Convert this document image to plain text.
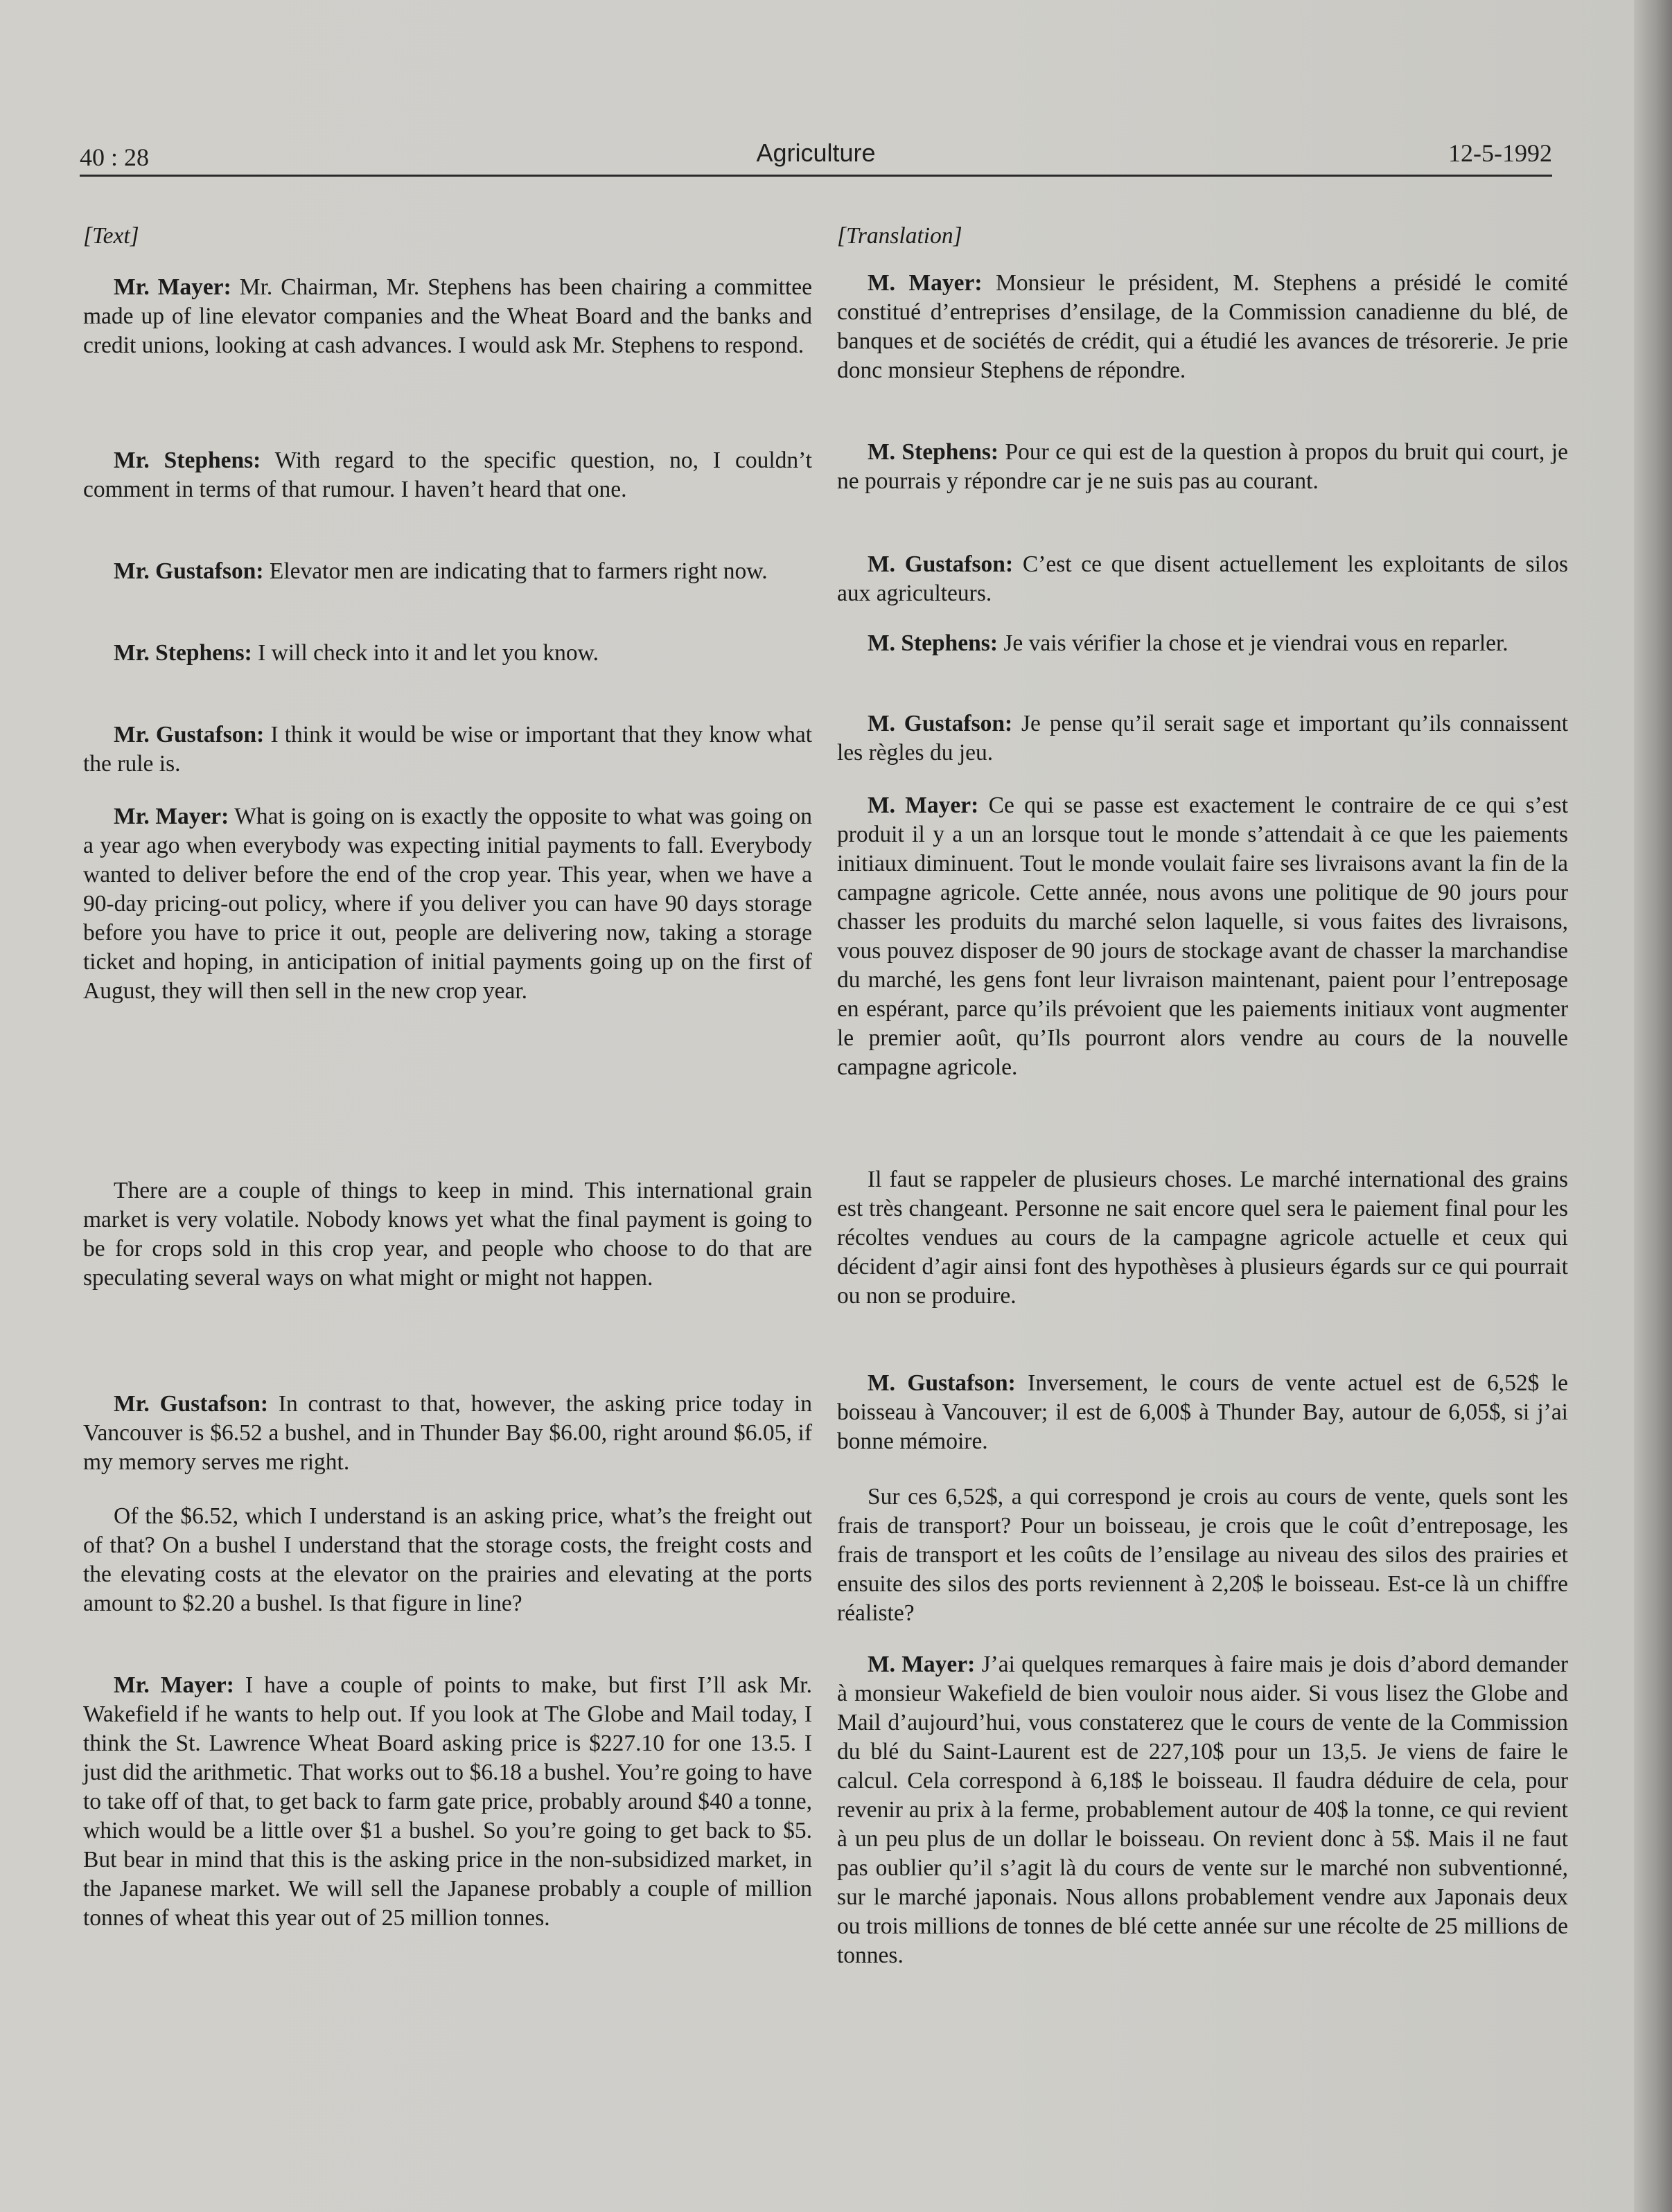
40 : 28	Agriculture	12-5-1992
[Text]

Mr. Mayer: Mr. Chairman, Mr. Stephens has been chairing a committee made up of line elevator companies and the Wheat Board and the banks and credit unions, looking at cash advances. I would ask Mr. Stephens to respond.

Mr. Stephens: With regard to the specific question, no, I couldn’t comment in terms of that rumour. I haven’t heard that one.

Mr. Gustafson: Elevator men are indicating that to farmers right now.

Mr. Stephens: I will check into it and let you know.

Mr. Gustafson: I think it would be wise or important that they know what the rule is.

Mr. Mayer: What is going on is exactly the opposite to what was going on a year ago when everybody was expecting initial payments to fall. Everybody wanted to deliver before the end of the crop year. This year, when we have a 90-day pricing-out policy, where if you deliver you can have 90 days storage before you have to price it out, people are delivering now, taking a storage ticket and hoping, in anticipation of initial payments going up on the first of August, they will then sell in the new crop year.

There are a couple of things to keep in mind. This international grain market is very volatile. Nobody knows yet what the final payment is going to be for crops sold in this crop year, and people who choose to do that are speculating several ways on what might or might not happen.

Mr. Gustafson: In contrast to that, however, the asking price today in Vancouver is $6.52 a bushel, and in Thunder Bay $6.00, right around $6.05, if my memory serves me right.

Of the $6.52, which I understand is an asking price, what’s the freight out of that? On a bushel I understand that the storage costs, the freight costs and the elevating costs at the elevator on the prairies and elevating at the ports amount to $2.20 a bushel. Is that figure in line?

Mr. Mayer: I have a couple of points to make, but first I’ll ask Mr. Wakefield if he wants to help out. If you look at The Globe and Mail today, I think the St. Lawrence Wheat Board asking price is $227.10 for one 13.5. I just did the arithmetic. That works out to $6.18 a bushel. You’re going to have to take off of that, to get back to farm gate price, probably around $40 a tonne, which would be a little over $1 a bushel. So you’re going to get back to $5. But bear in mind that this is the asking price in the non-subsidized market, in the Japanese market. We will sell the Japanese probably a couple of million tonnes of wheat this year out of 25 million tonnes.

[Translation]

M. Mayer: Monsieur le président, M. Stephens a présidé le comité constitué d’entreprises d’ensilage, de la Commission canadienne du blé, de banques et de sociétés de crédit, qui a étudié les avances de trésorerie. Je prie donc monsieur Stephens de répondre.

M. Stephens: Pour ce qui est de la question à propos du bruit qui court, je ne pourrais y répondre car je ne suis pas au courant.

M. Gustafson: C’est ce que disent actuellement les exploitants de silos aux agriculteurs.

M. Stephens: Je vais vérifier la chose et je viendrai vous en reparler.

M. Gustafson: Je pense qu’il serait sage et important qu’ils connaissent les règles du jeu.

M. Mayer: Ce qui se passe est exactement le contraire de ce qui s’est produit il y a un an lorsque tout le monde s’attendait à ce que les paiements initiaux diminuent. Tout le monde voulait faire ses livraisons avant la fin de la campagne agricole. Cette année, nous avons une politique de 90 jours pour chasser les produits du marché selon laquelle, si vous faites des livraisons, vous pouvez disposer de 90 jours de stockage avant de chasser la marchandise du marché, les gens font leur livraison maintenant, paient pour l’entreposage en espérant, parce qu’ils prévoient que les paiements initiaux vont augmenter le premier août, qu’Ils pourront alors vendre au cours de la nouvelle campagne agricole.

Il faut se rappeler de plusieurs choses. Le marché international des grains est très changeant. Personne ne sait encore quel sera le paiement final pour les récoltes vendues au cours de la campagne agricole actuelle et ceux qui décident d’agir ainsi font des hypothèses à plusieurs égards sur ce qui pourrait ou non se produire.

M. Gustafson: Inversement, le cours de vente actuel est de 6,52$ le boisseau à Vancouver; il est de 6,00$ à Thunder Bay, autour de 6,05$, si j’ai bonne mémoire.

Sur ces 6,52$, a qui correspond je crois au cours de vente, quels sont les frais de transport? Pour un boisseau, je crois que le coût d’entreposage, les frais de transport et les coûts de l’ensilage au niveau des silos des prairies et ensuite des silos des ports reviennent à 2,20$ le boisseau. Est-ce là un chiffre réaliste?

M. Mayer: J’ai quelques remarques à faire mais je dois d’abord demander à monsieur Wakefield de bien vouloir nous aider. Si vous lisez the Globe and Mail d’aujourd’hui, vous constaterez que le cours de vente de la Commission du blé du Saint-Laurent est de 227,10$ pour un 13,5. Je viens de faire le calcul. Cela correspond à 6,18$ le boisseau. Il faudra déduire de cela, pour revenir au prix à la ferme, probablement autour de 40$ la tonne, ce qui revient à un peu plus de un dollar le boisseau. On revient donc à 5$. Mais il ne faut pas oublier qu’il s’agit là du cours de vente sur le marché non subventionné, sur le marché japonais. Nous allons probablement vendre aux Japonais deux ou trois millions de tonnes de blé cette année sur une récolte de 25 millions de tonnes.
